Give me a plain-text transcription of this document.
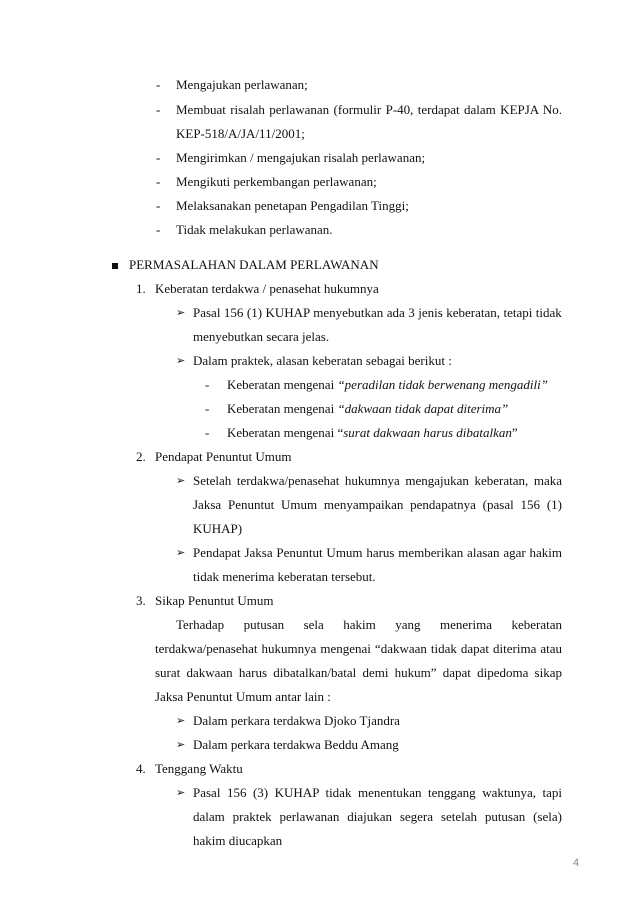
- Mengajukan perlawanan;
- Membuat risalah perlawanan (formulir P-40, terdapat dalam KEPJA No.
KEP-518/A/JA/11/2001;
- Mengirimkan / mengajukan risalah perlawanan;
- Mengikuti perkembangan perlawanan;
- Melaksanakan penetapan Pengadilan Tinggi;
- Tidak melakukan perlawanan.
PERMASALAHAN DALAM PERLAWANAN
1. Keberatan terdakwa / penasehat hukumnya
➢ Pasal 156 (1) KUHAP menyebutkan ada 3 jenis keberatan, tetapi tidak
menyebutkan secara jelas.
➢ Dalam praktek, alasan keberatan sebagai berikut :
- Keberatan mengenai “peradilan tidak berwenang mengadili”
- Keberatan mengenai “dakwaan tidak dapat diterima”
- Keberatan mengenai “surat dakwaan harus dibatalkan”
2. Pendapat Penuntut Umum
➢ Setelah terdakwa/penasehat hukumnya mengajukan keberatan, maka
Jaksa Penuntut Umum menyampaikan pendapatnya (pasal 156 (1)
KUHAP)
➢ Pendapat Jaksa Penuntut Umum harus memberikan alasan agar hakim
tidak menerima keberatan tersebut.
3. Sikap Penuntut Umum
Terhadap putusan sela hakim yang menerima keberatan
terdakwa/penasehat hukumnya mengenai “dakwaan tidak dapat diterima atau
surat dakwaan harus dibatalkan/batal demi hukum” dapat dipedoma sikap
Jaksa Penuntut Umum antar lain :
➢ Dalam perkara terdakwa Djoko Tjandra
➢ Dalam perkara terdakwa Beddu Amang
4. Tenggang Waktu
➢ Pasal 156 (3) KUHAP tidak menentukan tenggang waktunya, tapi
dalam praktek perlawanan diajukan segera setelah putusan (sela)
hakim diucapkan
4
